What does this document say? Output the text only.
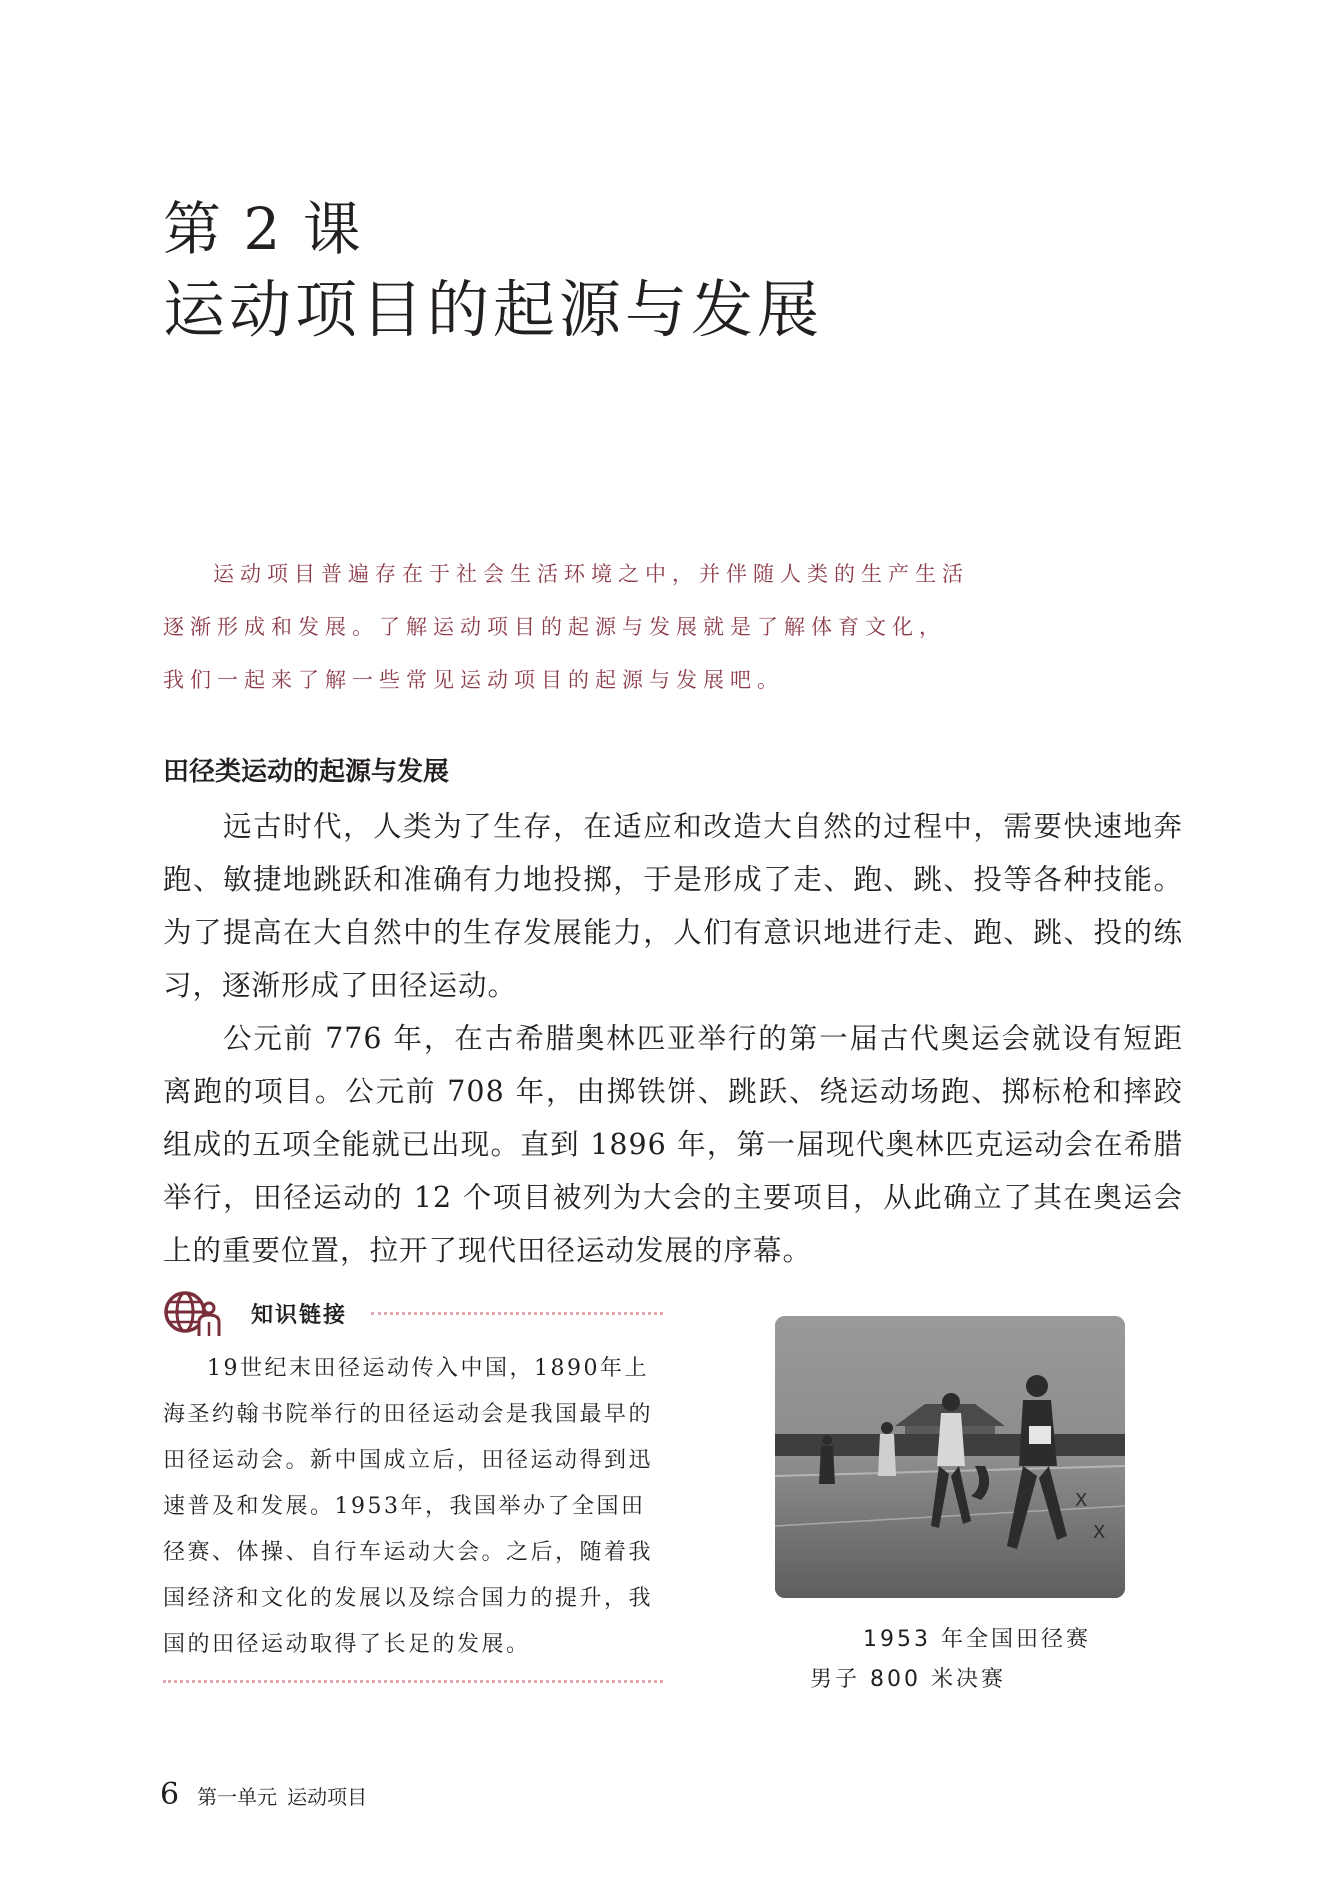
第 2 课
运动项目的起源与发展

运动项目普遍存在于社会生活环境之中，并伴随人类的生产生活

逐渐形成和发展。了解运动项目的起源与发展就是了解体育文化，

我们一起来了解一些常见运动项目的起源与发展吧。

田径类运动的起源与发展

远古时代，人类为了生存，在适应和改造大自然的过程中，需要快速地奔跑、敏捷地跳跃和准确有力地投掷，于是形成了走、跑、跳、投等各种技能。为了提高在大自然中的生存发展能力，人们有意识地进行走、跑、跳、投的练习，逐渐形成了田径运动。

公元前 776 年，在古希腊奥林匹亚举行的第一届古代奥运会就设有短距离跑的项目。公元前 708 年，由掷铁饼、跳跃、绕运动场跑、掷标枪和摔跤组成的五项全能就已出现。直到 1896 年，第一届现代奥林匹克运动会在希腊举行，田径运动的 12 个项目被列为大会的主要项目，从此确立了其在奥运会上的重要位置，拉开了现代田径运动发展的序幕。

知识链接

19世纪末田径运动传入中国，1890年上海圣约翰书院举行的田径运动会是我国最早的田径运动会。新中国成立后，田径运动得到迅速普及和发展。1953年，我国举办了全国田径赛、体操、自行车运动大会。之后，随着我国经济和文化的发展以及综合国力的提升，我国的田径运动取得了长足的发展。

X
X
1953 年全国田径赛
男子 800 米决赛
6 第一单元 运动项目
